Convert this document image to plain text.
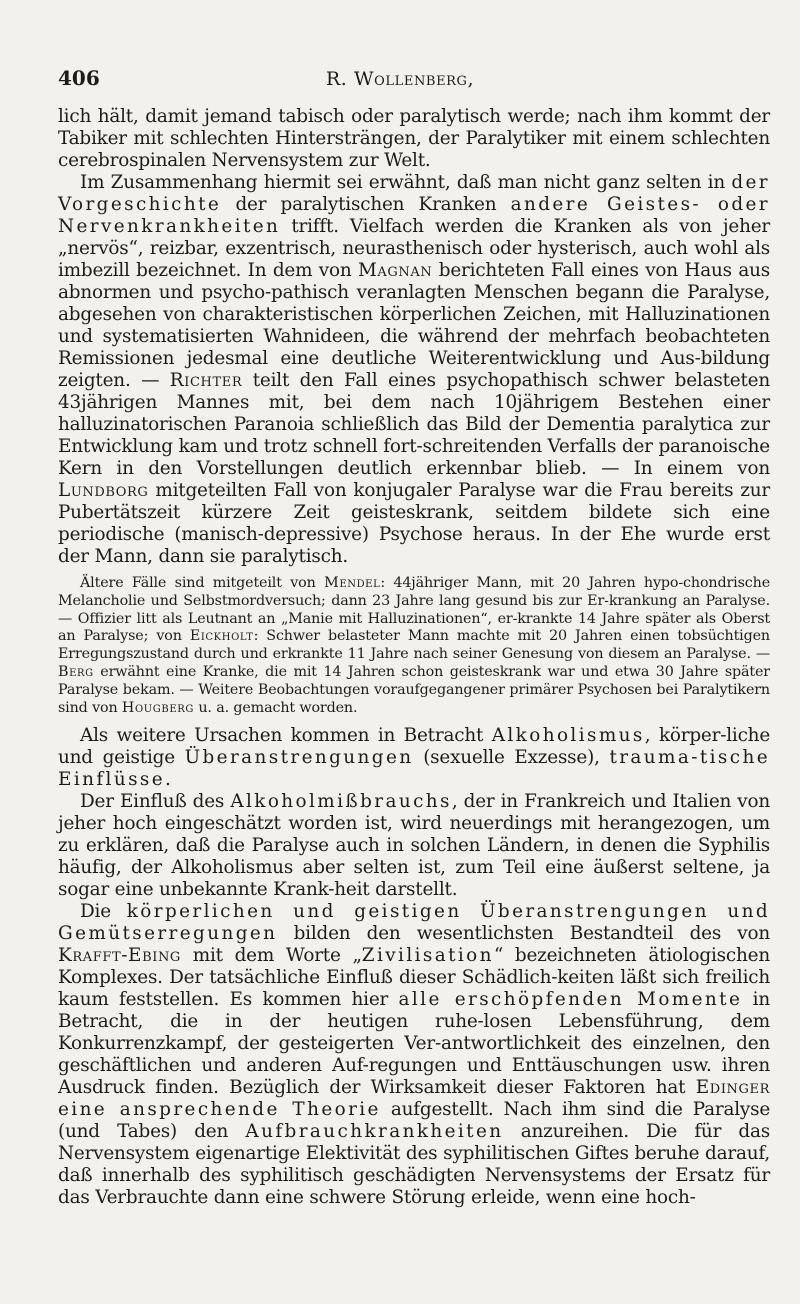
406	R. Wollenberg,

lich hält, damit jemand tabisch oder paralytisch werde; nach ihm kommt der Tabiker mit schlechten Hintersträngen, der Paralytiker mit einem schlechten cerebrospinalen Nervensystem zur Welt.

Im Zusammenhang hiermit sei erwähnt, daß man nicht ganz selten in der Vorgeschichte der paralytischen Kranken andere Geistes- oder Nervenkrankheiten trifft. Vielfach werden die Kranken als von jeher „nervös“, reizbar, exzentrisch, neurasthenisch oder hysterisch, auch wohl als imbezill bezeichnet. In dem von Magnan berichteten Fall eines von Haus aus abnormen und psycho-pathisch veranlagten Menschen begann die Paralyse, abgesehen von charakteristischen körperlichen Zeichen, mit Halluzinationen und systematisierten Wahnideen, die während der mehrfach beobachteten Remissionen jedesmal eine deutliche Weiterentwicklung und Aus-bildung zeigten. — Richter teilt den Fall eines psychopathisch schwer belasteten 43jährigen Mannes mit, bei dem nach 10jährigem Bestehen einer halluzinatorischen Paranoia schließlich das Bild der Dementia paralytica zur Entwicklung kam und trotz schnell fort-schreitenden Verfalls der paranoische Kern in den Vorstellungen deutlich erkennbar blieb. — In einem von Lundborg mitgeteilten Fall von konjugaler Paralyse war die Frau bereits zur Pubertätszeit kürzere Zeit geisteskrank, seitdem bildete sich eine periodische (manisch-depressive) Psychose heraus. In der Ehe wurde erst der Mann, dann sie paralytisch.

Ältere Fälle sind mitgeteilt von Mendel: 44jähriger Mann, mit 20 Jahren hypo-chondrische Melancholie und Selbstmordversuch; dann 23 Jahre lang gesund bis zur Er-krankung an Paralyse. — Offizier litt als Leutnant an „Manie mit Halluzinationen“, er-krankte 14 Jahre später als Oberst an Paralyse; von Eickholt: Schwer belasteter Mann machte mit 20 Jahren einen tobsüchtigen Erregungszustand durch und erkrankte 11 Jahre nach seiner Genesung von diesem an Paralyse. — Berg erwähnt eine Kranke, die mit 14 Jahren schon geisteskrank war und etwa 30 Jahre später Paralyse bekam. — Weitere Beobachtungen voraufgegangener primärer Psychosen bei Paralytikern sind von Hougberg u. a. gemacht worden.

Als weitere Ursachen kommen in Betracht Alkoholismus, körper-liche und geistige Überanstrengungen (sexuelle Exzesse), trauma-tische Einflüsse.

Der Einfluß des Alkoholmißbrauchs, der in Frankreich und Italien von jeher hoch eingeschätzt worden ist, wird neuerdings mit herangezogen, um zu erklären, daß die Paralyse auch in solchen Ländern, in denen die Syphilis häufig, der Alkoholismus aber selten ist, zum Teil eine äußerst seltene, ja sogar eine unbekannte Krank-heit darstellt.

Die körperlichen und geistigen Überanstrengungen und Gemütserregungen bilden den wesentlichsten Bestandteil des von Krafft-Ebing mit dem Worte „Zivilisation“ bezeichneten ätiologischen Komplexes. Der tatsächliche Einfluß dieser Schädlich-keiten läßt sich freilich kaum feststellen. Es kommen hier alle erschöpfenden Momente in Betracht, die in der heutigen ruhe-losen Lebensführung, dem Konkurrenzkampf, der gesteigerten Ver-antwortlichkeit des einzelnen, den geschäftlichen und anderen Auf-regungen und Enttäuschungen usw. ihren Ausdruck finden. Bezüglich der Wirksamkeit dieser Faktoren hat Edinger eine ansprechende Theorie aufgestellt. Nach ihm sind die Paralyse (und Tabes) den Aufbrauchkrankheiten anzureihen. Die für das Nervensystem eigenartige Elektivität des syphilitischen Giftes beruhe darauf, daß innerhalb des syphilitisch geschädigten Nervensystems der Ersatz für das Verbrauchte dann eine schwere Störung erleide, wenn eine hoch-
